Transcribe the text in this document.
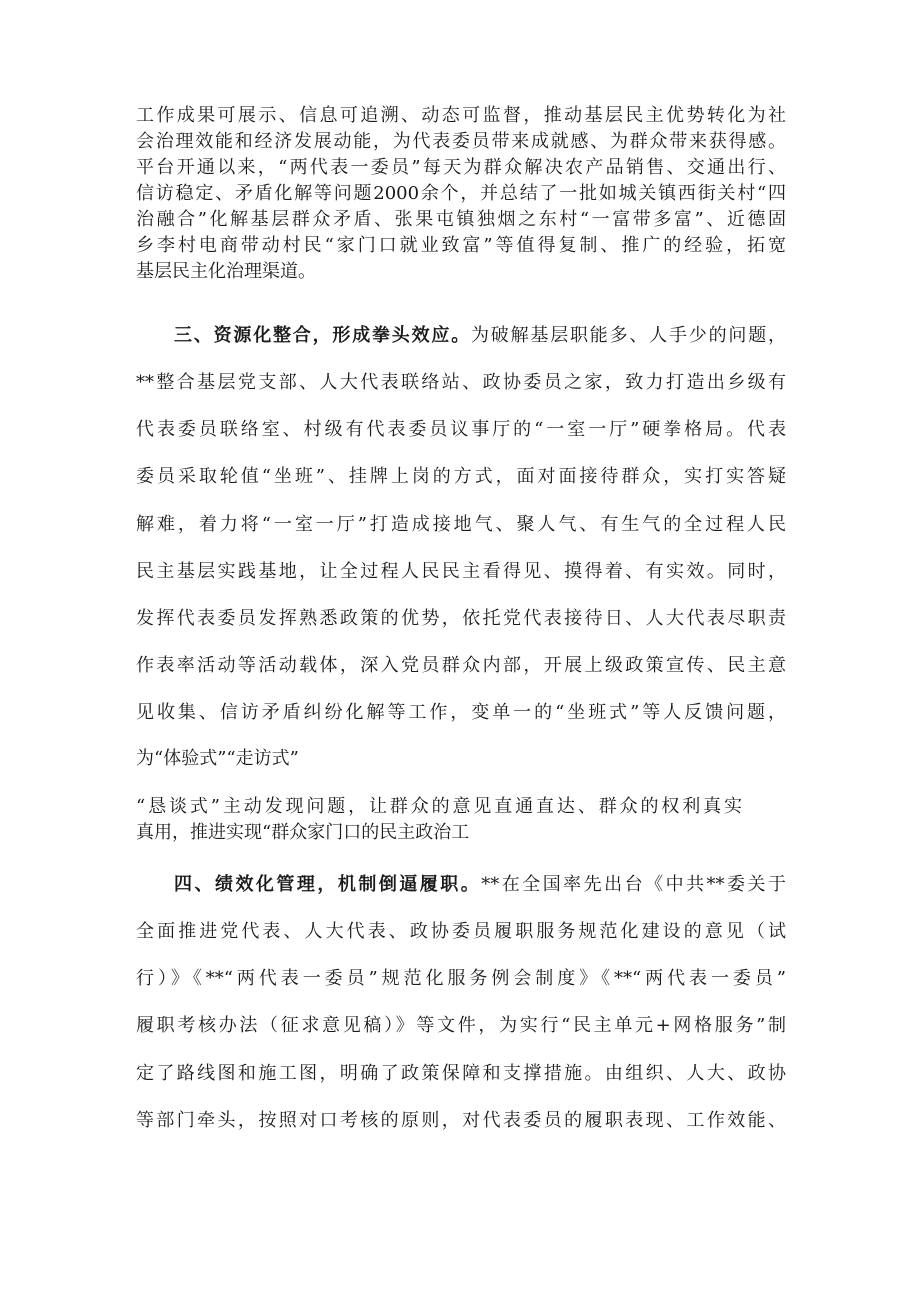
工作成果可展示、信息可追溯、动态可监督，推动基层民主优势转化为社
会治理效能和经济发展动能，为代表委员带来成就感、为群众带来获得感。
平台开通以来，“两代表一委员”每天为群众解决农产品销售、交通出行、
信访稳定、矛盾化解等问题2000余个，并总结了一批如城关镇西街关村“四
治融合”化解基层群众矛盾、张果屯镇独烟之东村“一富带多富”、近德固
乡李村电商带动村民“家门口就业致富”等值得复制、推广的经验，拓宽
基层民主化治理渠道。
三、资源化整合，形成拳头效应。为破解基层职能多、人手少的问题，
**整合基层党支部、人大代表联络站、政协委员之家，致力打造出乡级有
代表委员联络室、村级有代表委员议事厅的“一室一厅”硬拳格局。代表
委员采取轮值“坐班”、挂牌上岗的方式，面对面接待群众，实打实答疑
解难，着力将“一室一厅”打造成接地气、聚人气、有生气的全过程人民
民主基层实践基地，让全过程人民民主看得见、摸得着、有实效。同时，
发挥代表委员发挥熟悉政策的优势，依托党代表接待日、人大代表尽职责
作表率活动等活动载体，深入党员群众内部，开展上级政策宣传、民主意
见收集、信访矛盾纠纷化解等工作，变单一的“坐班式”等人反馈问题，
为“体验式”“走访式”
“恳谈式”主动发现问题，让群众的意见直通直达、群众的权利真实
真用，推进实现“群众家门口的民主政治工
四、绩效化管理，机制倒逼履职。**在全国率先出台《中共**委关于
全面推进党代表、人大代表、政协委员履职服务规范化建设的意见（试
行）》《**“两代表一委员”规范化服务例会制度》《**“两代表一委员”
履职考核办法（征求意见稿）》等文件，为实行“民主单元+网格服务”制
定了路线图和施工图，明确了政策保障和支撑措施。由组织、人大、政协
等部门牵头，按照对口考核的原则，对代表委员的履职表现、工作效能、
